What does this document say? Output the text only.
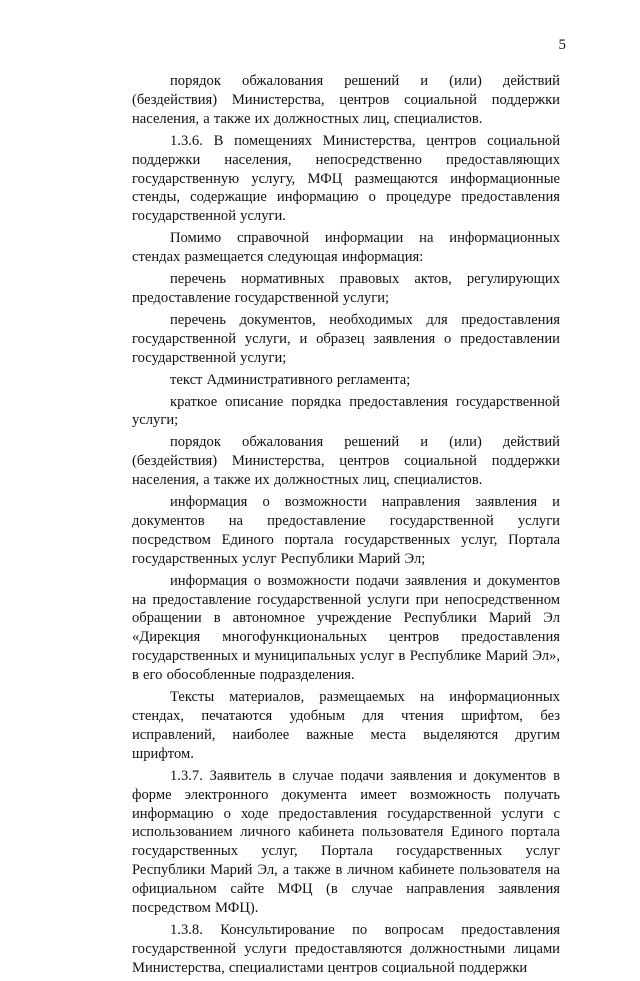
5

порядок обжалования решений и (или) действий (бездействия) Министерства, центров социальной поддержки населения, а также их должностных лиц, специалистов.

1.3.6. В помещениях Министерства, центров социальной поддержки населения, непосредственно предоставляющих государственную услугу, МФЦ размещаются информационные стенды, содержащие информацию о процедуре предоставления государственной услуги.

Помимо справочной информации на информационных стендах размещается следующая информация:

перечень нормативных правовых актов, регулирующих предоставление государственной услуги;

перечень документов, необходимых для предоставления государственной услуги, и образец заявления о предоставлении государственной услуги;

текст Административного регламента;

краткое описание порядка предоставления государственной услуги;

порядок обжалования решений и (или) действий (бездействия) Министерства, центров социальной поддержки населения, а также их должностных лиц, специалистов.

информация о возможности направления заявления и документов на предоставление государственной услуги посредством Единого портала государственных услуг, Портала государственных услуг Республики Марий Эл;

информация о возможности подачи заявления и документов на предоставление государственной услуги при непосредственном обращении в автономное учреждение Республики Марий Эл «Дирекция многофункциональных центров предоставления государственных и муниципальных услуг в Республике Марий Эл», в его обособленные подразделения.

Тексты материалов, размещаемых на информационных стендах, печатаются удобным для чтения шрифтом, без исправлений, наиболее важные места выделяются другим шрифтом.

1.3.7. Заявитель в случае подачи заявления и документов в форме электронного документа имеет возможность получать информацию о ходе предоставления государственной услуги с использованием личного кабинета пользователя Единого портала государственных услуг, Портала государственных услуг Республики Марий Эл, а также в личном кабинете пользователя на официальном сайте МФЦ (в случае направления заявления посредством МФЦ).

1.3.8. Консультирование по вопросам предоставления государственной услуги предоставляются должностными лицами Министерства, специалистами центров социальной поддержки
